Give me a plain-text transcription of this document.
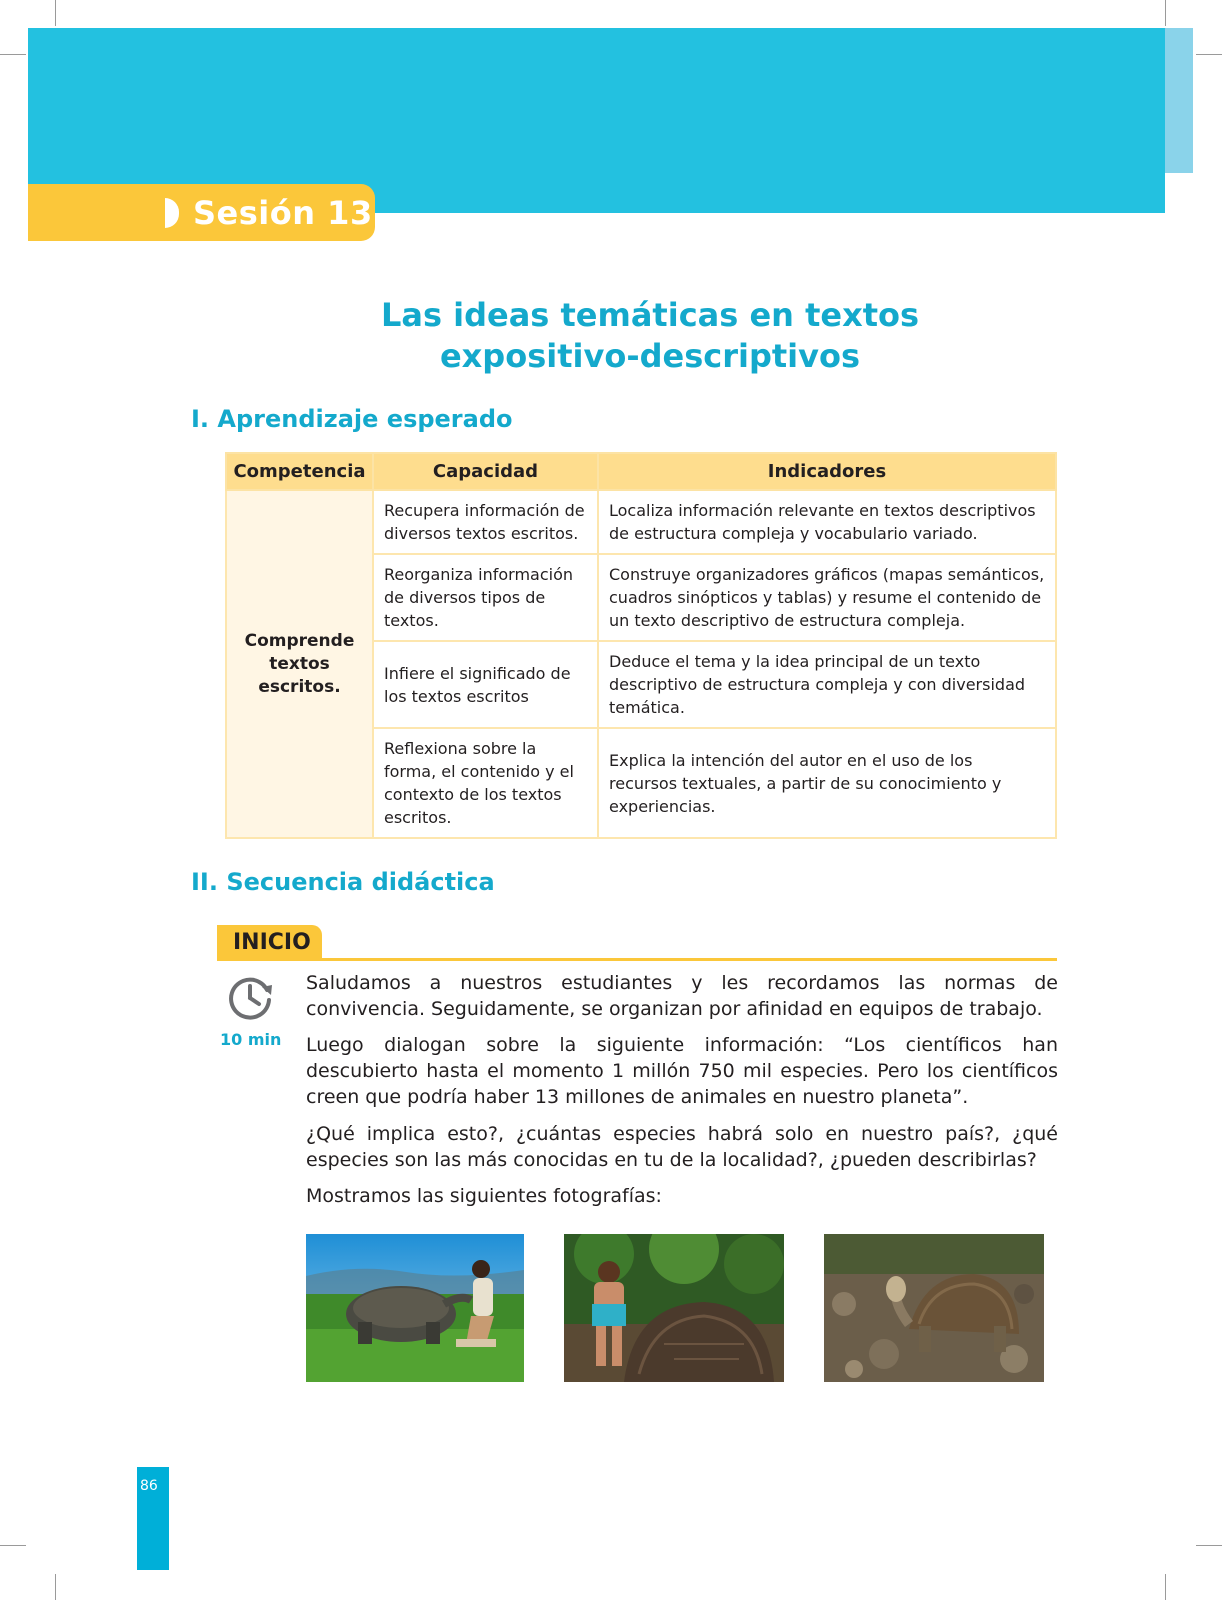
Sesión 13
Las ideas temáticas en textos
expositivo-descriptivos
I. Aprendizaje esperado
Competencia	Capacidad	Indicadores
Comprende textos escritos.	Recupera información de diversos textos escritos.	Localiza información relevante en textos descriptivos de estructura compleja y vocabulario variado.
	Reorganiza información de diversos tipos de textos.	Construye organizadores gráficos (mapas semánticos, cuadros sinópticos y tablas) y resume el contenido de un texto descriptivo de estructura compleja.
	Infiere el significado de los textos escritos	Deduce el tema y la idea principal de un texto descriptivo de estructura compleja y con diversidad temática.
	Reflexiona sobre la forma, el contenido y el contexto de los textos escritos.	Explica la intención del autor en el uso de los recursos textuales, a partir de su conocimiento y experiencias.
II. Secuencia didáctica
INICIO
10 min
Saludamos a nuestros estudiantes y les recordamos las normas de convivencia. Seguidamente, se organizan por afinidad en equipos de trabajo.
Luego dialogan sobre la siguiente información: “Los científicos han descubierto hasta el momento 1 millón 750 mil especies. Pero los científicos creen que podría haber 13 millones de animales en nuestro planeta”.
¿Qué implica esto?, ¿cuántas especies habrá solo en nuestro país?, ¿qué especies son las más conocidas en tu de la localidad?, ¿pueden describirlas?
Mostramos las siguientes fotografías:
86
